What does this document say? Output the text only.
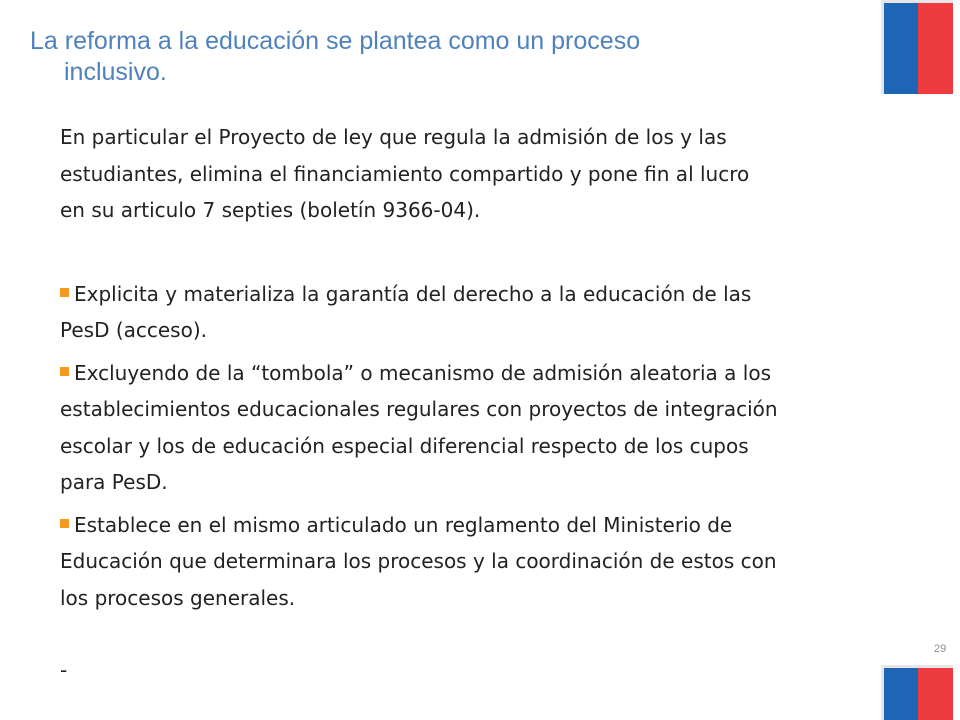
La reforma a la educación se plantea como un proceso
inclusivo.

En particular el Proyecto de ley que regula la admisión de los y las

estudiantes, elimina el financiamiento compartido y pone fin al lucro

en su articulo 7 septies (boletín 9366-04).

Explicita y materializa la garantía del derecho a la educación de las
PesD (acceso).
Excluyendo de la “tombola” o mecanismo de admisión aleatoria a los
establecimientos educacionales regulares con proyectos de integración
escolar y los de educación especial diferencial respecto de los cupos
para PesD.
Establece en el mismo articulado un reglamento del Ministerio de
Educación que determinara los procesos y la coordinación de estos con
los procesos generales.
-
29
